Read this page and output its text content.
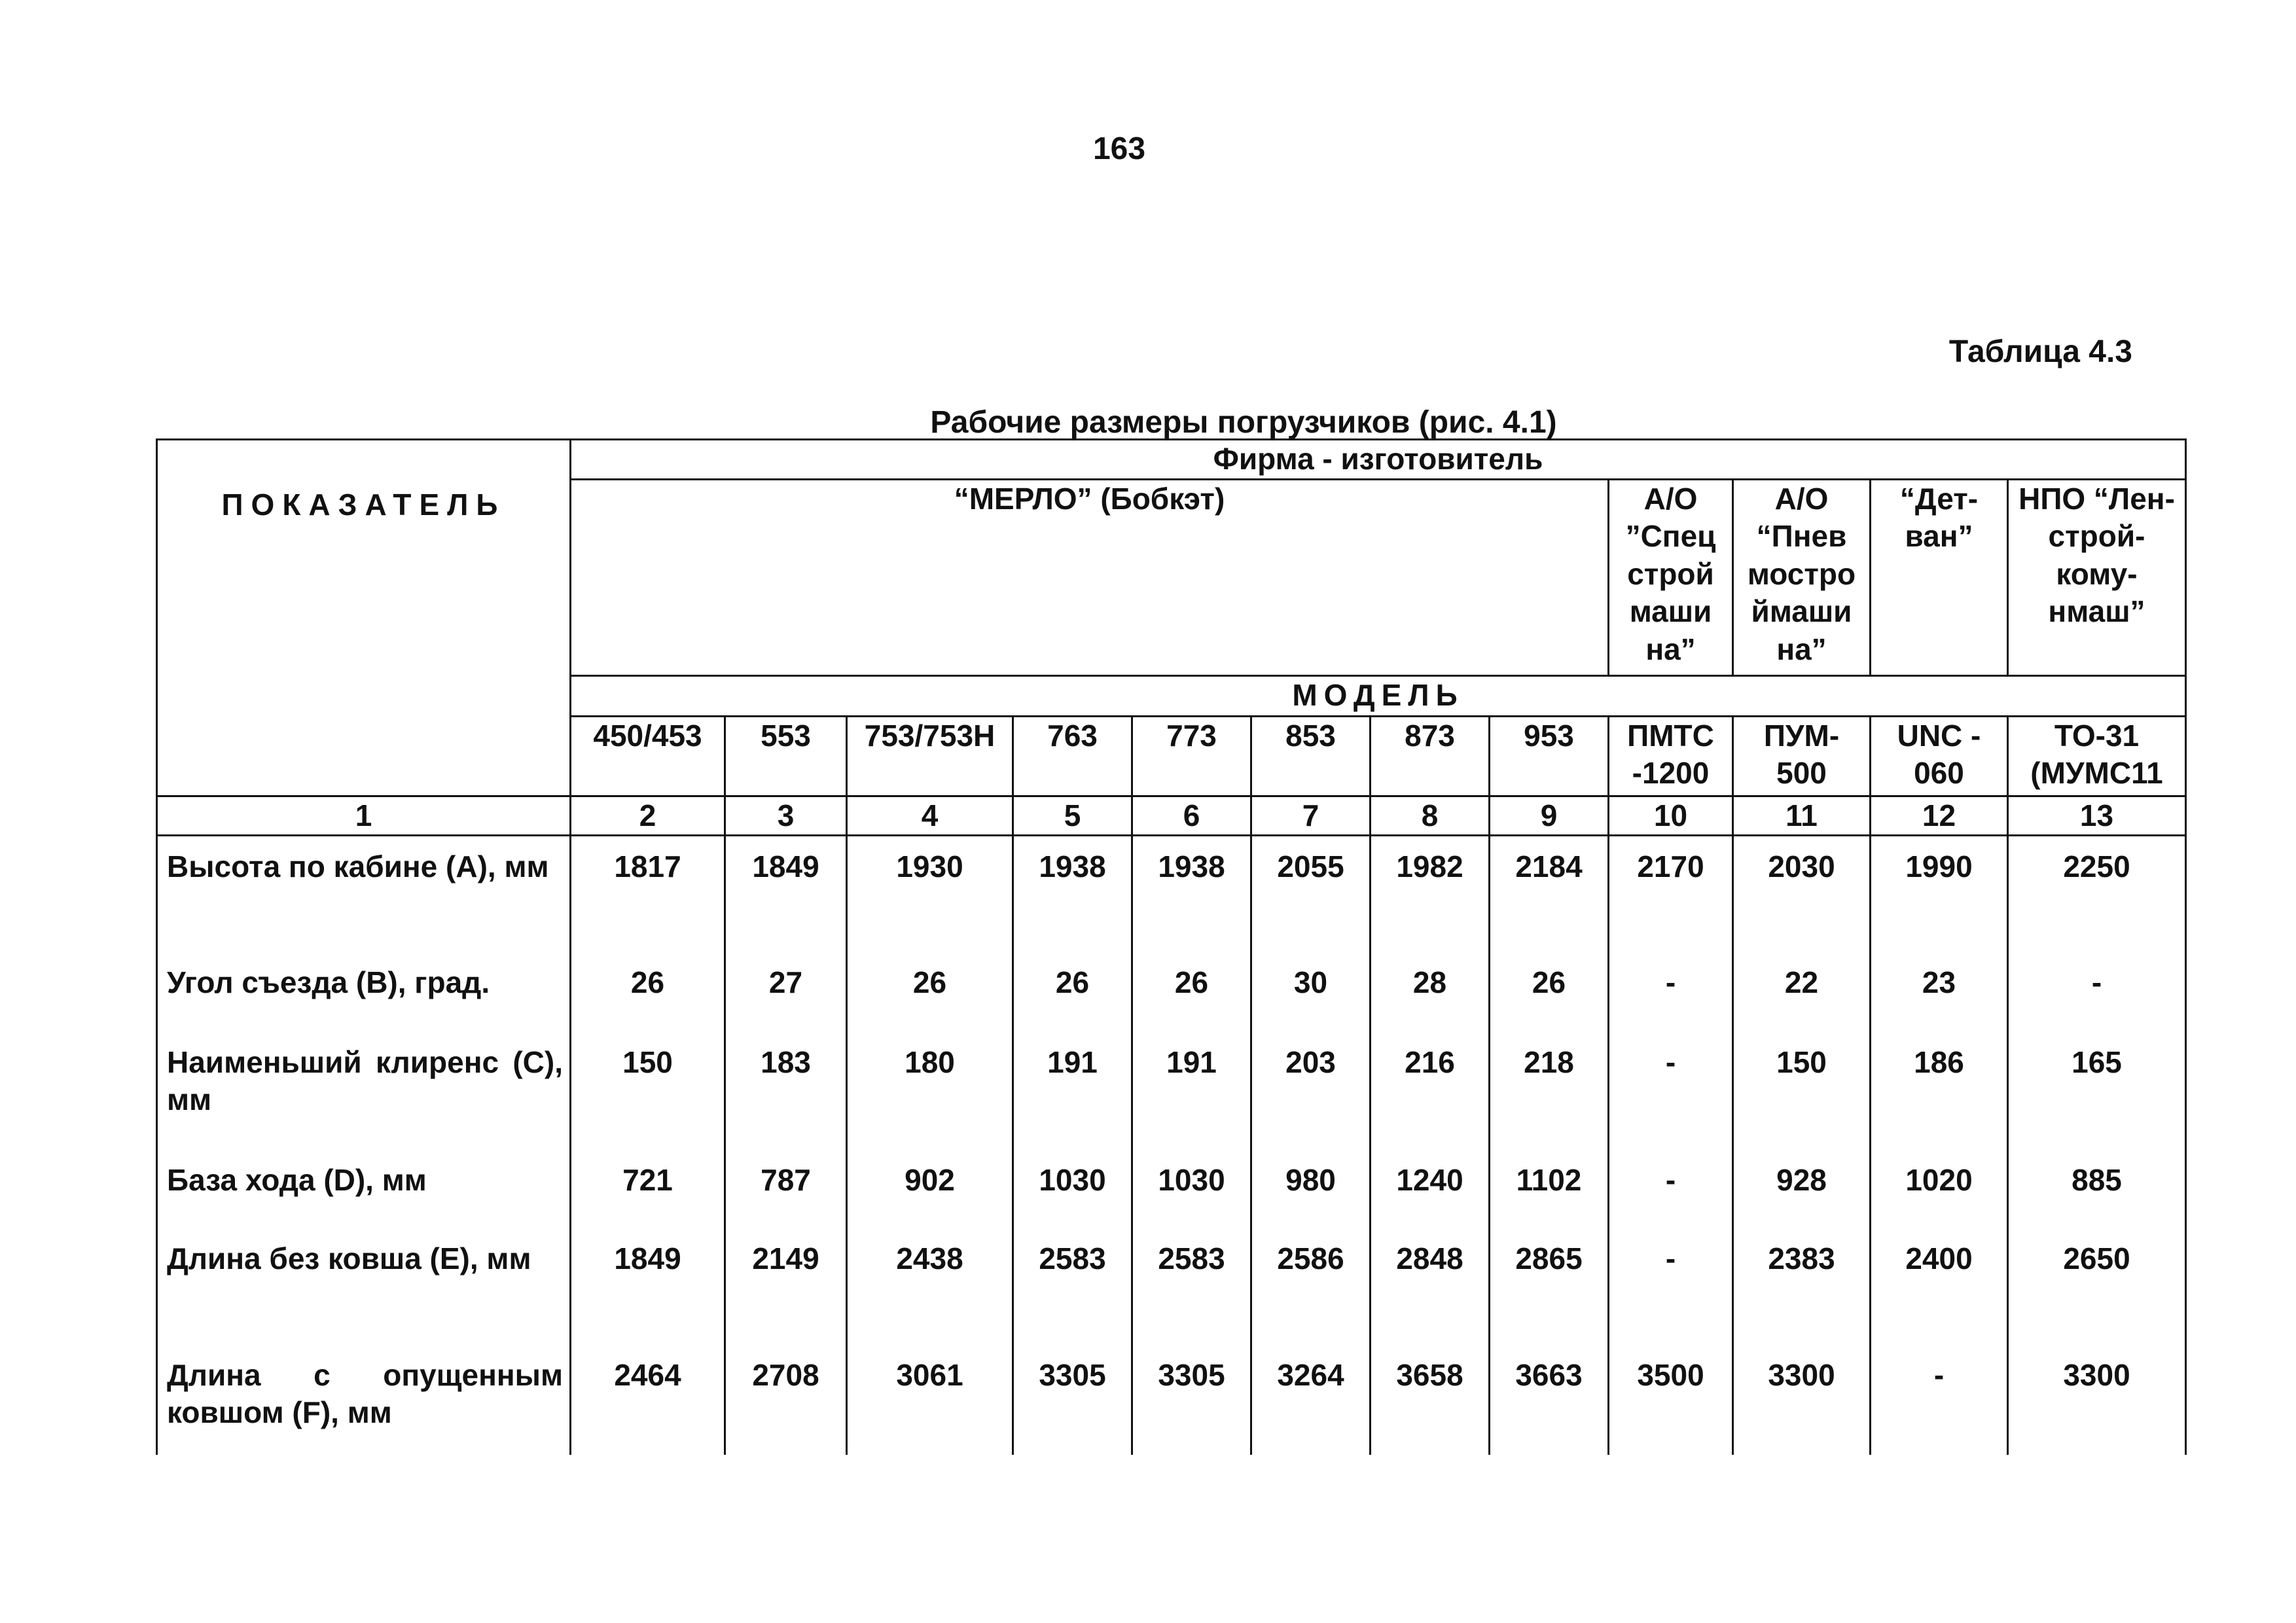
163
Таблица 4.3
Рабочие размеры погрузчиков (рис. 4.1)
ПОКАЗАТЕЛЬ	Фирма - изготовитель											
	“МЕРЛО” (Бобкэт)								А/О ”Спец строй маши на”	А/О “Пнев мостро ймаши на”	“Дет- ван”	НПО “Лен- строй- кому- нмаш”
	МОДЕЛЬ											
	450/453	553	753/753Н	763	773	853	873	953	ПМТС -1200	ПУМ- 500	UNC - 060	ТО-31 (МУМС11
1	2	3	4	5	6	7	8	9	10	11	12	13
Высота по кабине (А), мм	1817	1849	1930	1938	1938	2055	1982	2184	2170	2030	1990	2250
Угол съезда (В), град.	26	27	26	26	26	30	28	26	-	22	23	-
Наименьший клиренс (С), мм	150	183	180	191	191	203	216	218	-	150	186	165
База хода (D), мм	721	787	902	1030	1030	980	1240	1102	-	928	1020	885
Длина без ковша (Е), мм	1849	2149	2438	2583	2583	2586	2848	2865	-	2383	2400	2650
Длина с опущенным ковшом (F), мм	2464	2708	3061	3305	3305	3264	3658	3663	3500	3300	-	3300
